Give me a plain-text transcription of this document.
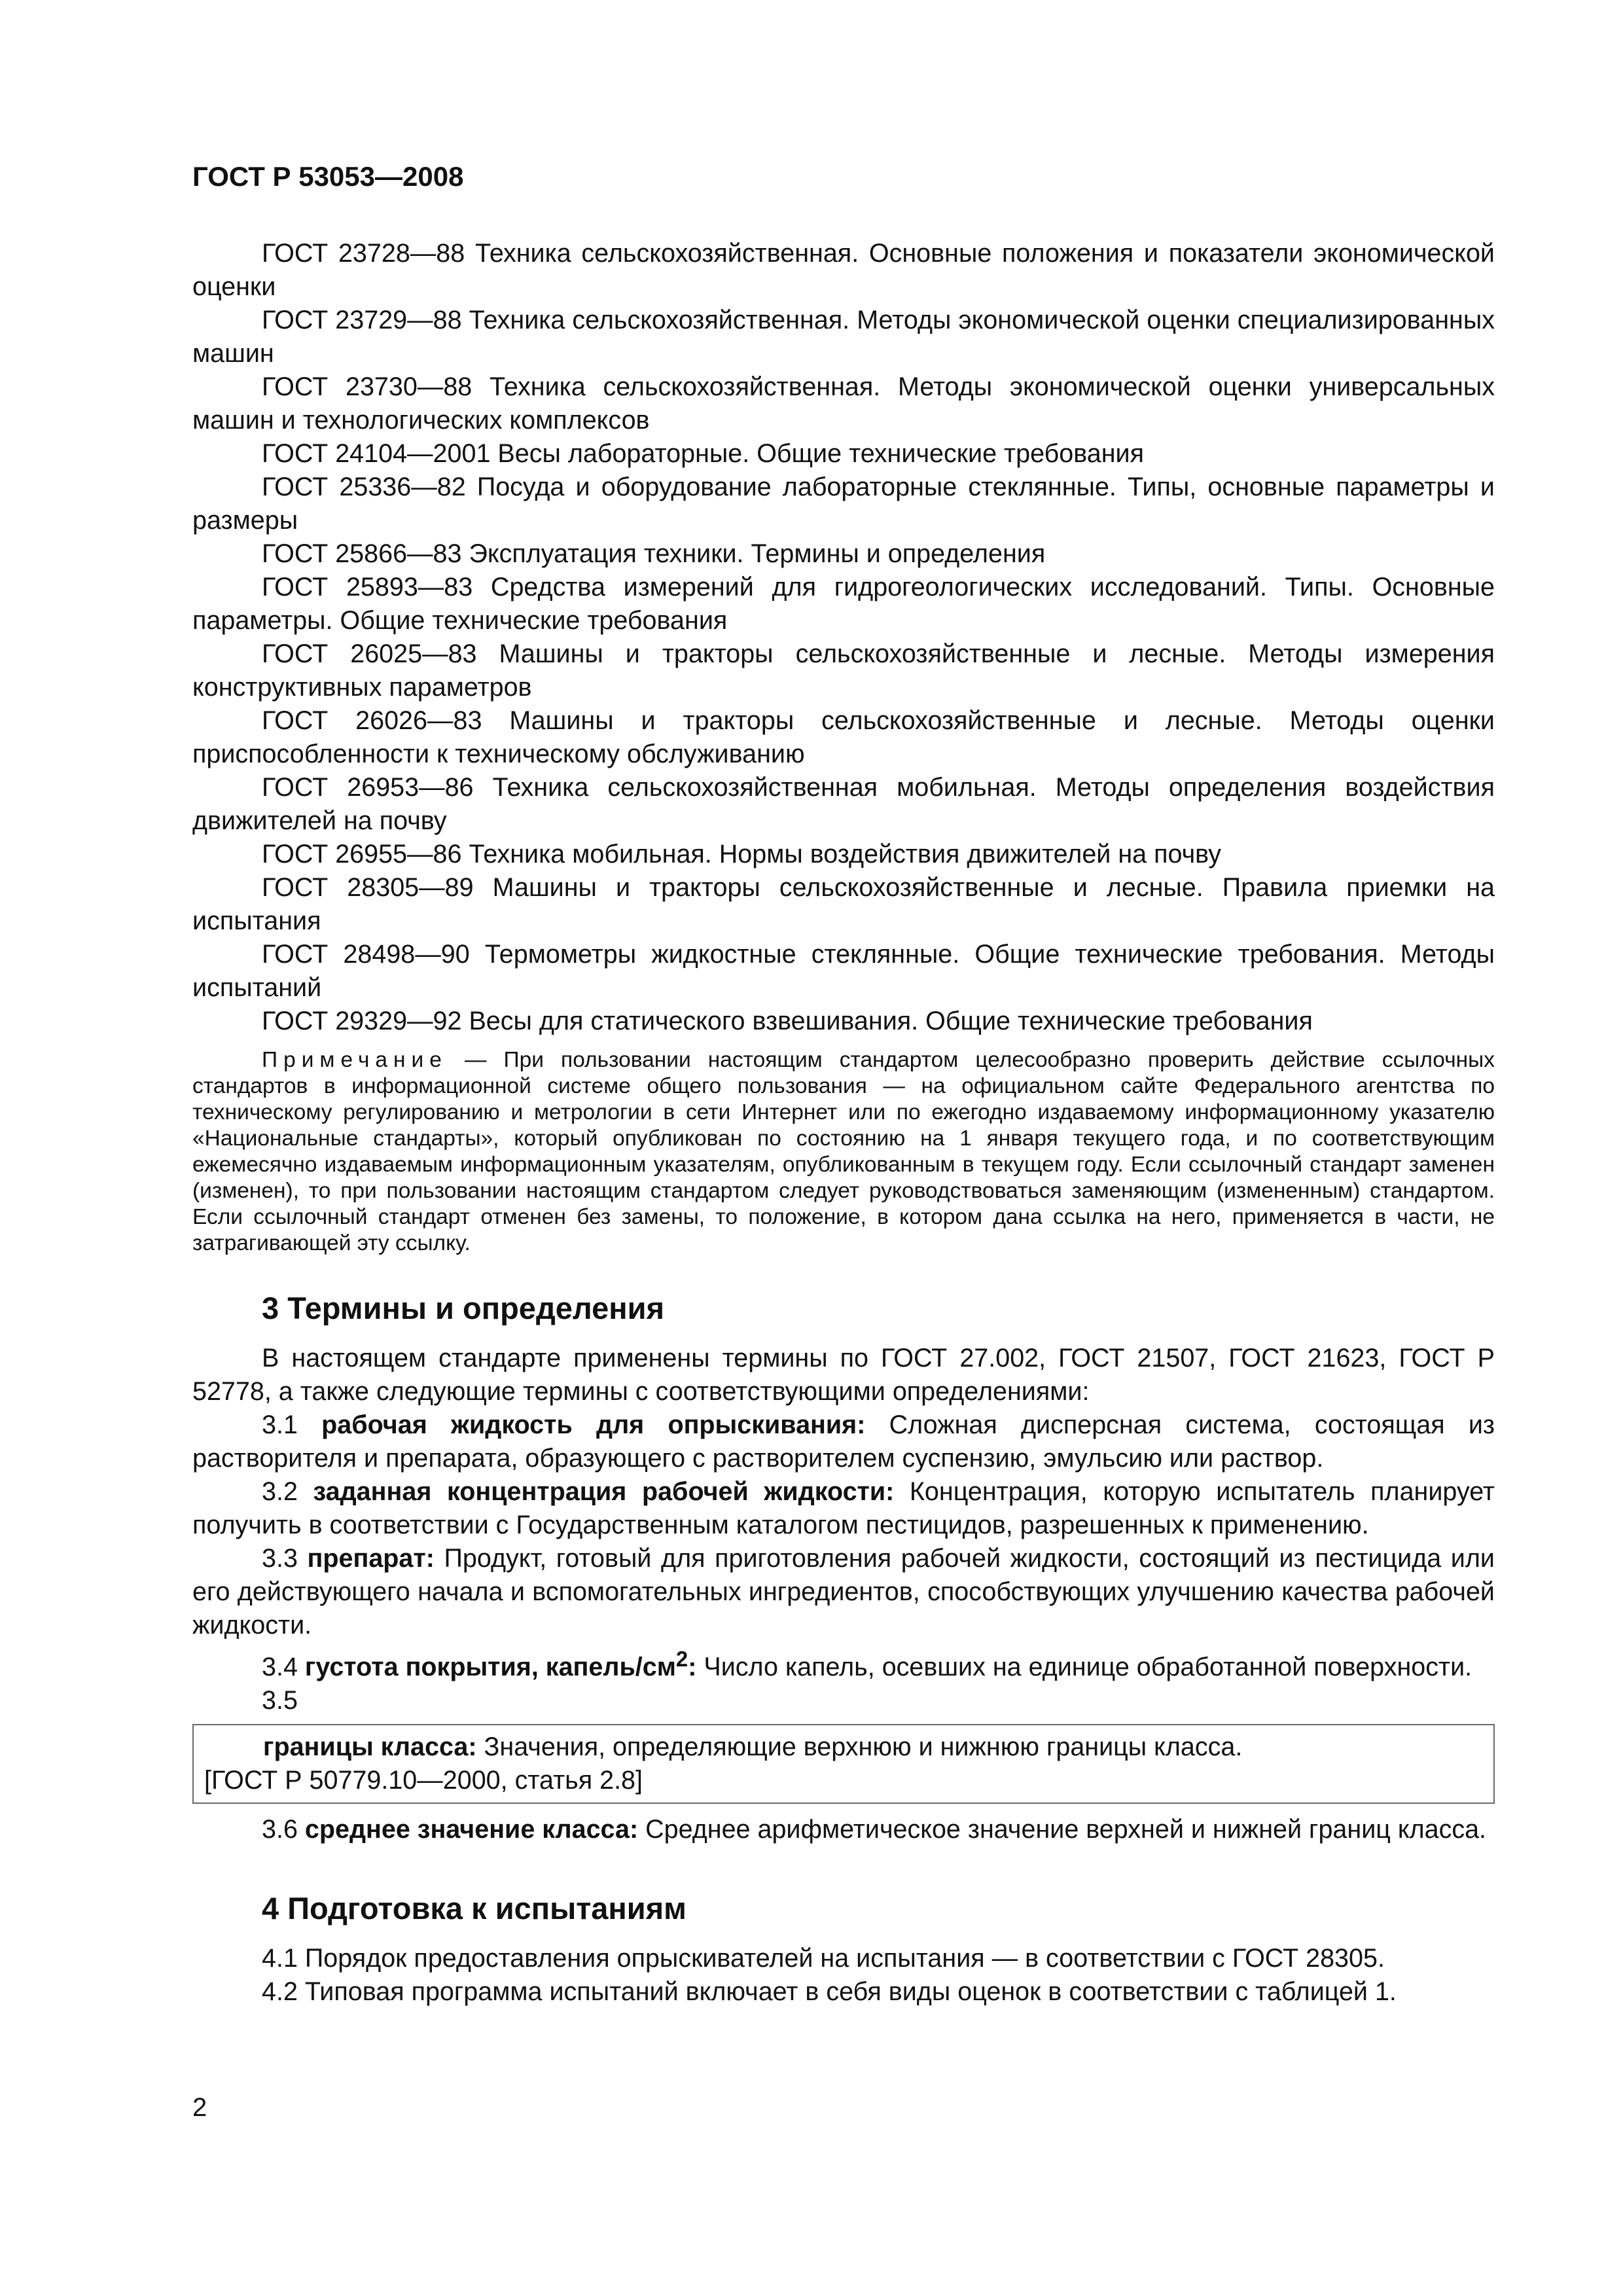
ГОСТ Р 53053—2008

ГОСТ 23728—88 Техника сельскохозяйственная. Основные положения и показатели экономической оценки

ГОСТ 23729—88 Техника сельскохозяйственная. Методы экономической оценки специализированных машин

ГОСТ 23730—88 Техника сельскохозяйственная. Методы экономической оценки универсальных машин и технологических комплексов

ГОСТ 24104—2001 Весы лабораторные. Общие технические требования

ГОСТ 25336—82 Посуда и оборудование лабораторные стеклянные. Типы, основные параметры и размеры

ГОСТ 25866—83 Эксплуатация техники. Термины и определения

ГОСТ 25893—83 Средства измерений для гидрогеологических исследований. Типы. Основные параметры. Общие технические требования

ГОСТ 26025—83 Машины и тракторы сельскохозяйственные и лесные. Методы измерения конструктивных параметров

ГОСТ 26026—83 Машины и тракторы сельскохозяйственные и лесные. Методы оценки приспособленности к техническому обслуживанию

ГОСТ 26953—86 Техника сельскохозяйственная мобильная. Методы определения воздействия движителей на почву

ГОСТ 26955—86 Техника мобильная. Нормы воздействия движителей на почву

ГОСТ 28305—89 Машины и тракторы сельскохозяйственные и лесные. Правила приемки на испытания

ГОСТ 28498—90 Термометры жидкостные стеклянные. Общие технические требования. Методы испытаний

ГОСТ 29329—92 Весы для статического взвешивания. Общие технические требования

Примечание — При пользовании настоящим стандартом целесообразно проверить действие ссылочных стандартов в информационной системе общего пользования — на официальном сайте Федерального агентства по техническому регулированию и метрологии в сети Интернет или по ежегодно издаваемому информационному указателю «Национальные стандарты», который опубликован по состоянию на 1 января текущего года, и по соответствующим ежемесячно издаваемым информационным указателям, опубликованным в текущем году. Если ссылочный стандарт заменен (изменен), то при пользовании настоящим стандартом следует руководствоваться заменяющим (измененным) стандартом. Если ссылочный стандарт отменен без замены, то положение, в котором дана ссылка на него, применяется в части, не затрагивающей эту ссылку.

3 Термины и определения

В настоящем стандарте применены термины по ГОСТ 27.002, ГОСТ 21507, ГОСТ 21623, ГОСТ Р 52778, а также следующие термины с соответствующими определениями:

3.1 рабочая жидкость для опрыскивания: Сложная дисперсная система, состоящая из растворителя и препарата, образующего с растворителем суспензию, эмульсию или раствор.

3.2 заданная концентрация рабочей жидкости: Концентрация, которую испытатель планирует получить в соответствии с Государственным каталогом пестицидов, разрешенных к применению.

3.3 препарат: Продукт, готовый для приготовления рабочей жидкости, состоящий из пестицида или его действующего начала и вспомогательных ингредиентов, способствующих улучшению качества рабочей жидкости.

3.4 густота покрытия, капель/$см^2$: Число капель, осевших на единице обработанной поверхности.

3.5

границы класса: Значения, определяющие верхнюю и нижнюю границы класса.
[ГОСТ Р 50779.10—2000, статья 2.8]

3.6 среднее значение класса: Среднее арифметическое значение верхней и нижней границ класса.

4 Подготовка к испытаниям

4.1 Порядок предоставления опрыскивателей на испытания — в соответствии с ГОСТ 28305.

4.2 Типовая программа испытаний включает в себя виды оценок в соответствии с таблицей 1.

2
